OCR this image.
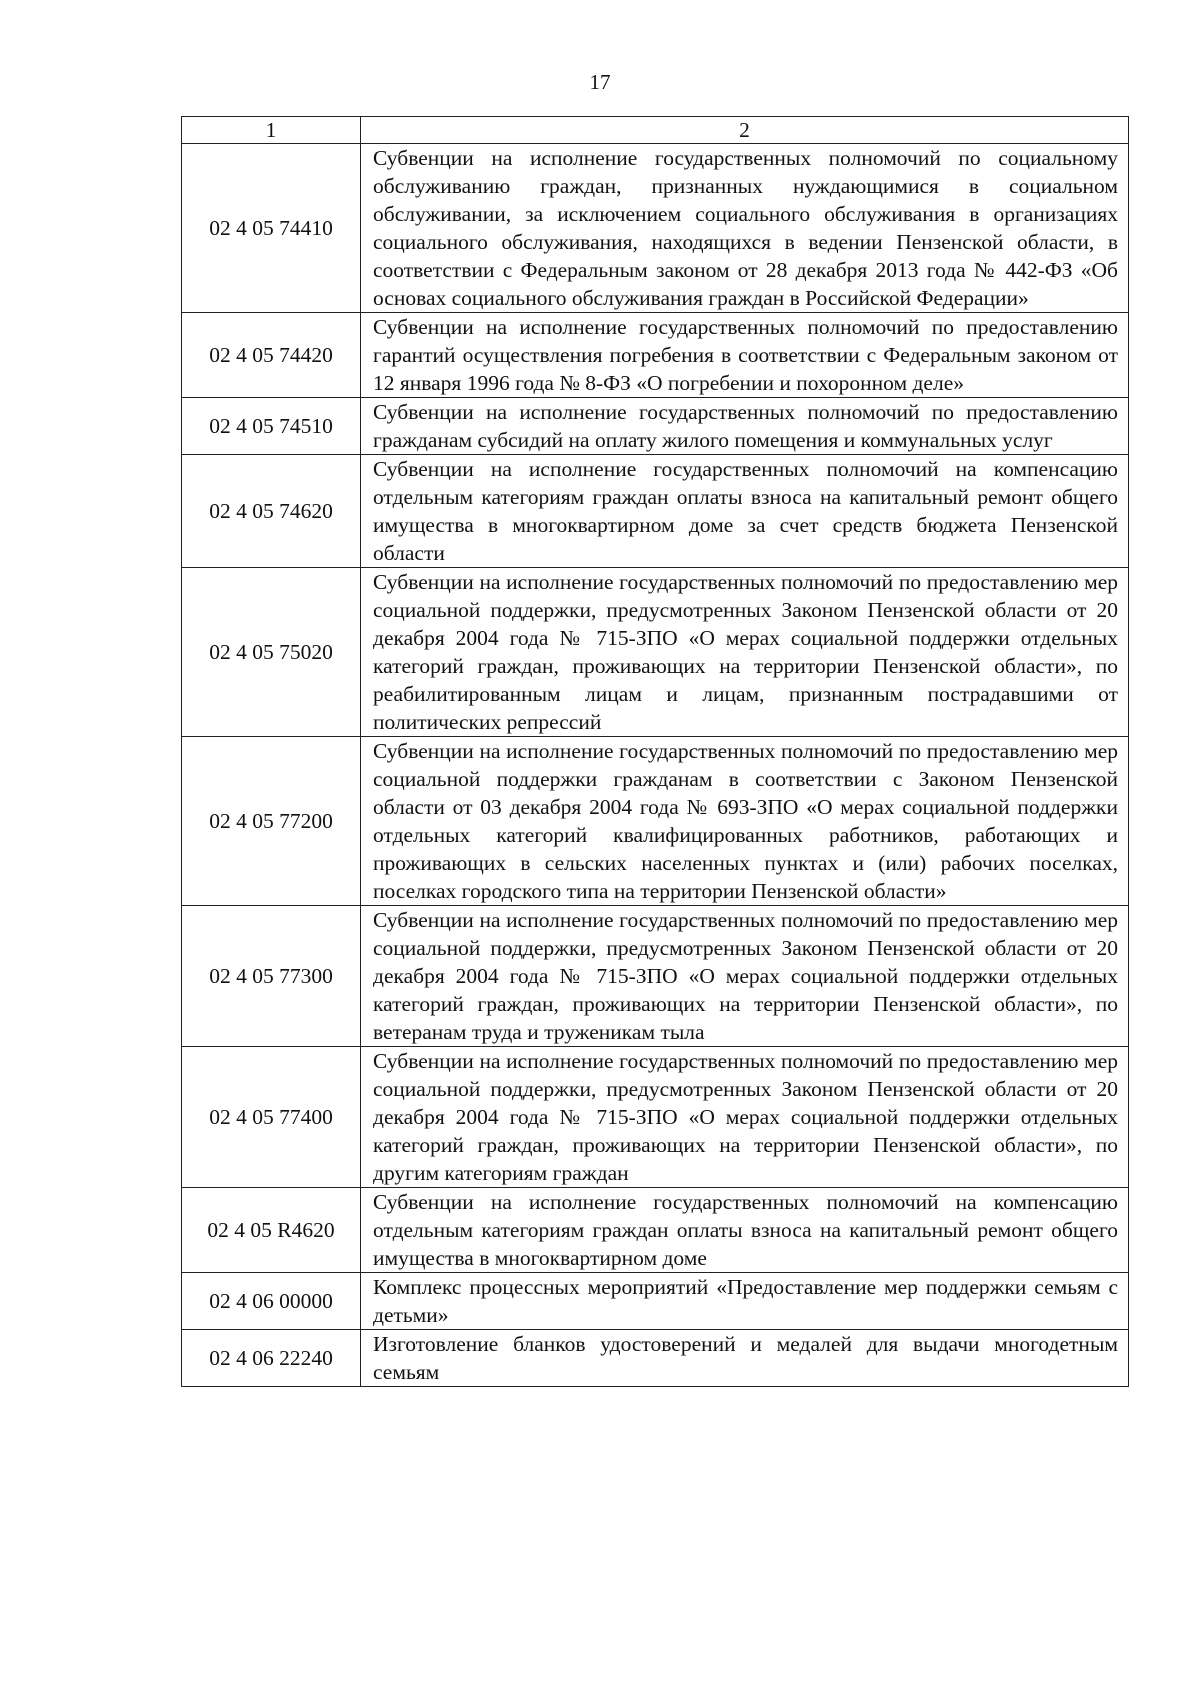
17
1	2
02 4 05 74410	Субвенции на исполнение государственных полномочий по социальному обслуживанию граждан, признанных нуждающимися в социальном обслуживании, за исключением социального обслуживания в организациях социального обслуживания, находящихся в ведении Пензенской области, в соответствии с Федеральным законом от 28 декабря 2013 года № 442-ФЗ «Об основах социального обслуживания граждан в Российской Федерации»

02 4 05 74420	Субвенции на исполнение государственных полномочий по предоставлению гарантий осуществления погребения в соответствии с Федеральным законом от 12 января 1996 года № 8-ФЗ «О погребении и похоронном деле»

02 4 05 74510	Субвенции на исполнение государственных полномочий по предоставлению гражданам субсидий на оплату жилого помещения и коммунальных услуг

02 4 05 74620	Субвенции на исполнение государственных полномочий на компенсацию отдельным категориям граждан оплаты взноса на капитальный ремонт общего имущества в многоквартирном доме за счет средств бюджета Пензенской области

02 4 05 75020	Субвенции на исполнение государственных полномочий по предоставлению мер социальной поддержки, предусмотренных Законом Пензенской области от 20 декабря 2004 года № 715-ЗПО «О мерах социальной поддержки отдельных категорий граждан, проживающих на территории Пензенской области», по реабилитированным лицам и лицам, признанным пострадавшими от политических репрессий

02 4 05 77200	Субвенции на исполнение государственных полномочий по предоставлению мер социальной поддержки гражданам в соответствии с Законом Пензенской области от 03 декабря 2004 года № 693-ЗПО «О мерах социальной поддержки отдельных категорий квалифицированных работников, работающих и проживающих в сельских населенных пунктах и (или) рабочих поселках, поселках городского типа на территории Пензенской области»

02 4 05 77300	Субвенции на исполнение государственных полномочий по предоставлению мер социальной поддержки, предусмотренных Законом Пензенской области от 20 декабря 2004 года № 715-ЗПО «О мерах социальной поддержки отдельных категорий граждан, проживающих на территории Пензенской области», по ветеранам труда и труженикам тыла

02 4 05 77400	Субвенции на исполнение государственных полномочий по предоставлению мер социальной поддержки, предусмотренных Законом Пензенской области от 20 декабря 2004 года № 715-ЗПО «О мерах социальной поддержки отдельных категорий граждан, проживающих на территории Пензенской области», по другим категориям граждан

02 4 05 R4620	Субвенции на исполнение государственных полномочий на компенсацию отдельным категориям граждан оплаты взноса на капитальный ремонт общего имущества в многоквартирном доме

02 4 06 00000	Комплекс процессных мероприятий «Предоставление мер поддержки семьям с детьми»

02 4 06 22240	Изготовление бланков удостоверений и медалей для выдачи многодетным семьям
